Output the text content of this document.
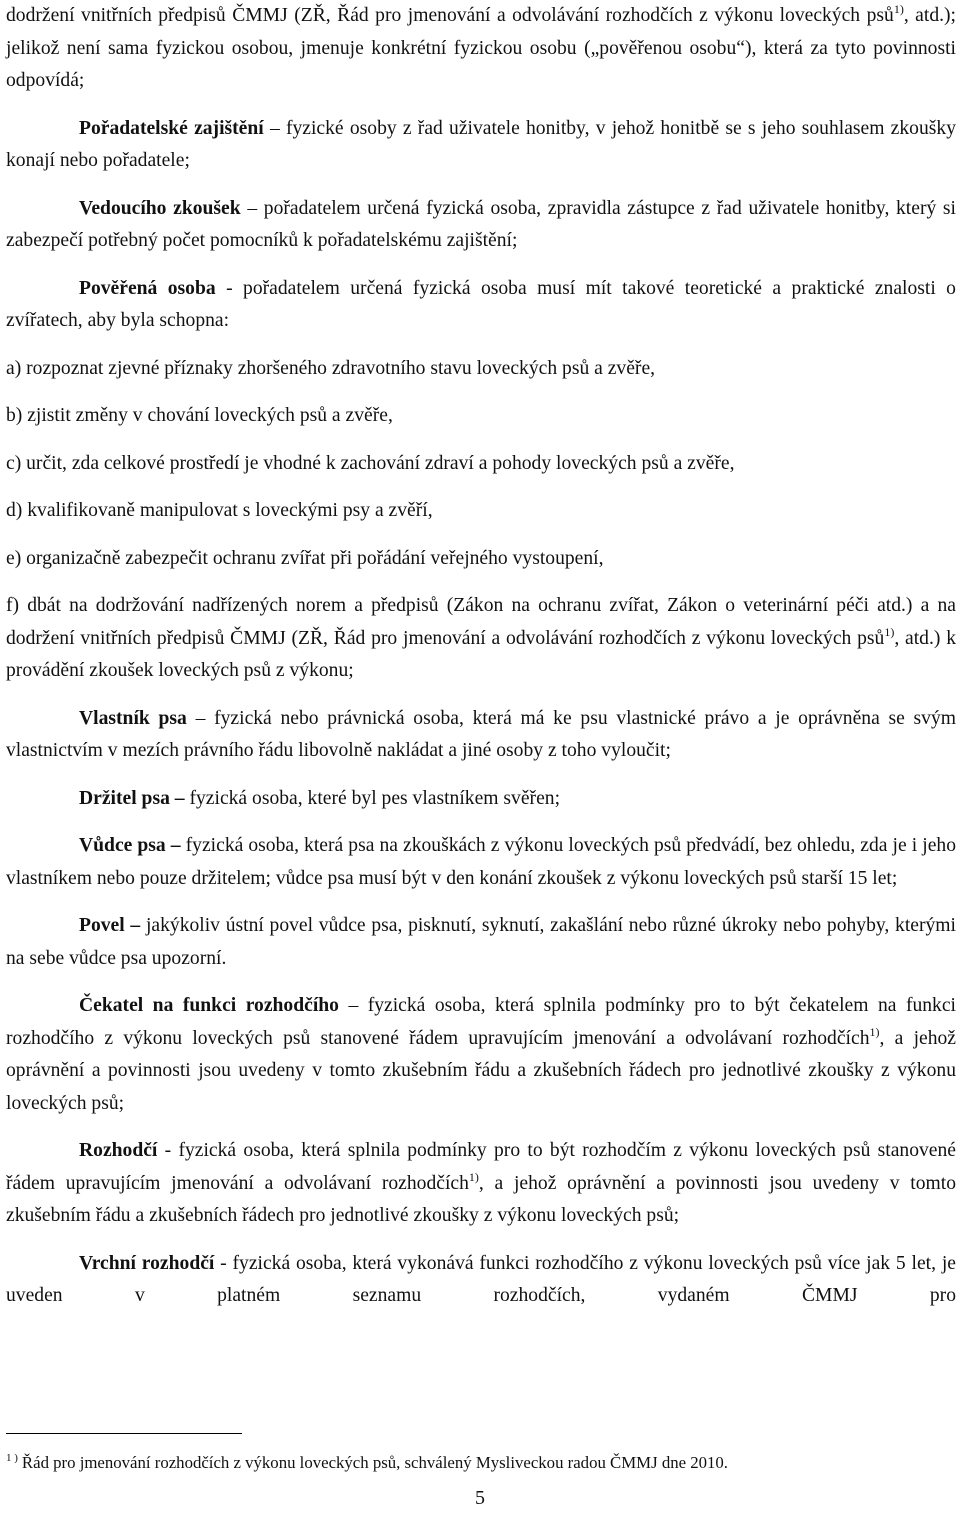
dodržení vnitřních předpisů ČMMJ (ZŘ, Řád pro jmenování a odvolávání rozhodčích z výkonu loveckých psů$^{1)}$, atd.); jelikož není sama fyzickou osobou, jmenuje konkrétní fyzickou osobu („pověřenou osobu“), která za tyto povinnosti odpovídá;

Pořadatelské zajištění – fyzické osoby z řad uživatele honitby, v jehož honitbě se s jeho souhlasem zkoušky konají nebo pořadatele;

Vedoucího zkoušek – pořadatelem určená fyzická osoba, zpravidla zástupce z řad uživatele honitby, který si zabezpečí potřebný počet pomocníků k pořadatelskému zajištění;

Pověřená osoba - pořadatelem určená fyzická osoba musí mít takové teoretické a praktické znalosti o zvířatech, aby byla schopna:

a) rozpoznat zjevné příznaky zhoršeného zdravotního stavu loveckých psů a zvěře,

b) zjistit změny v chování loveckých psů a zvěře,

c) určit, zda celkové prostředí je vhodné k zachování zdraví a pohody loveckých psů a zvěře,

d) kvalifikovaně manipulovat s loveckými psy a zvěří,

e) organizačně zabezpečit ochranu zvířat při pořádání veřejného vystoupení,

f) dbát na dodržování nadřízených norem a předpisů (Zákon na ochranu zvířat, Zákon o veterinární péči atd.) a na dodržení vnitřních předpisů ČMMJ (ZŘ, Řád pro jmenování a odvolávání rozhodčích z výkonu loveckých psů$^{1)}$, atd.) k provádění zkoušek loveckých psů z výkonu;

Vlastník psa – fyzická nebo právnická osoba, která má ke psu vlastnické právo a je oprávněna se svým vlastnictvím v mezích právního řádu libovolně nakládat a jiné osoby z toho vyloučit;

Držitel psa – fyzická osoba, které byl pes vlastníkem svěřen;

Vůdce psa – fyzická osoba, která psa na zkouškách z výkonu loveckých psů předvádí, bez ohledu, zda je i jeho vlastníkem nebo pouze držitelem; vůdce psa musí být v den konání zkoušek z výkonu loveckých psů starší 15 let;

Povel – jakýkoliv ústní povel vůdce psa, pisknutí, syknutí, zakašlání nebo různé úkroky nebo pohyby, kterými na sebe vůdce psa upozorní.

Čekatel na funkci rozhodčího – fyzická osoba, která splnila podmínky pro to být čekatelem na funkci rozhodčího z výkonu loveckých psů stanovené řádem upravujícím jmenování a odvolávaní rozhodčích$^{1)}$, a jehož oprávnění a povinnosti jsou uvedeny v tomto zkušebním řádu a zkušebních řádech pro jednotlivé zkoušky z výkonu loveckých psů;

Rozhodčí - fyzická osoba, která splnila podmínky pro to být rozhodčím z výkonu loveckých psů stanovené řádem upravujícím jmenování a odvolávaní rozhodčích$^{1)}$, a jehož oprávnění a povinnosti jsou uvedeny v tomto zkušebním řádu a zkušebních řádech pro jednotlivé zkoušky z výkonu loveckých psů;

Vrchní rozhodčí - fyzická osoba, která vykonává funkci rozhodčího z výkonu loveckých psů více jak 5 let, je uveden v platném seznamu rozhodčích, vydaném ČMMJ pro

$^{1 )}$ Řád pro jmenování rozhodčích z výkonu loveckých psů, schválený Mysliveckou radou ČMMJ dne 2010.
5
